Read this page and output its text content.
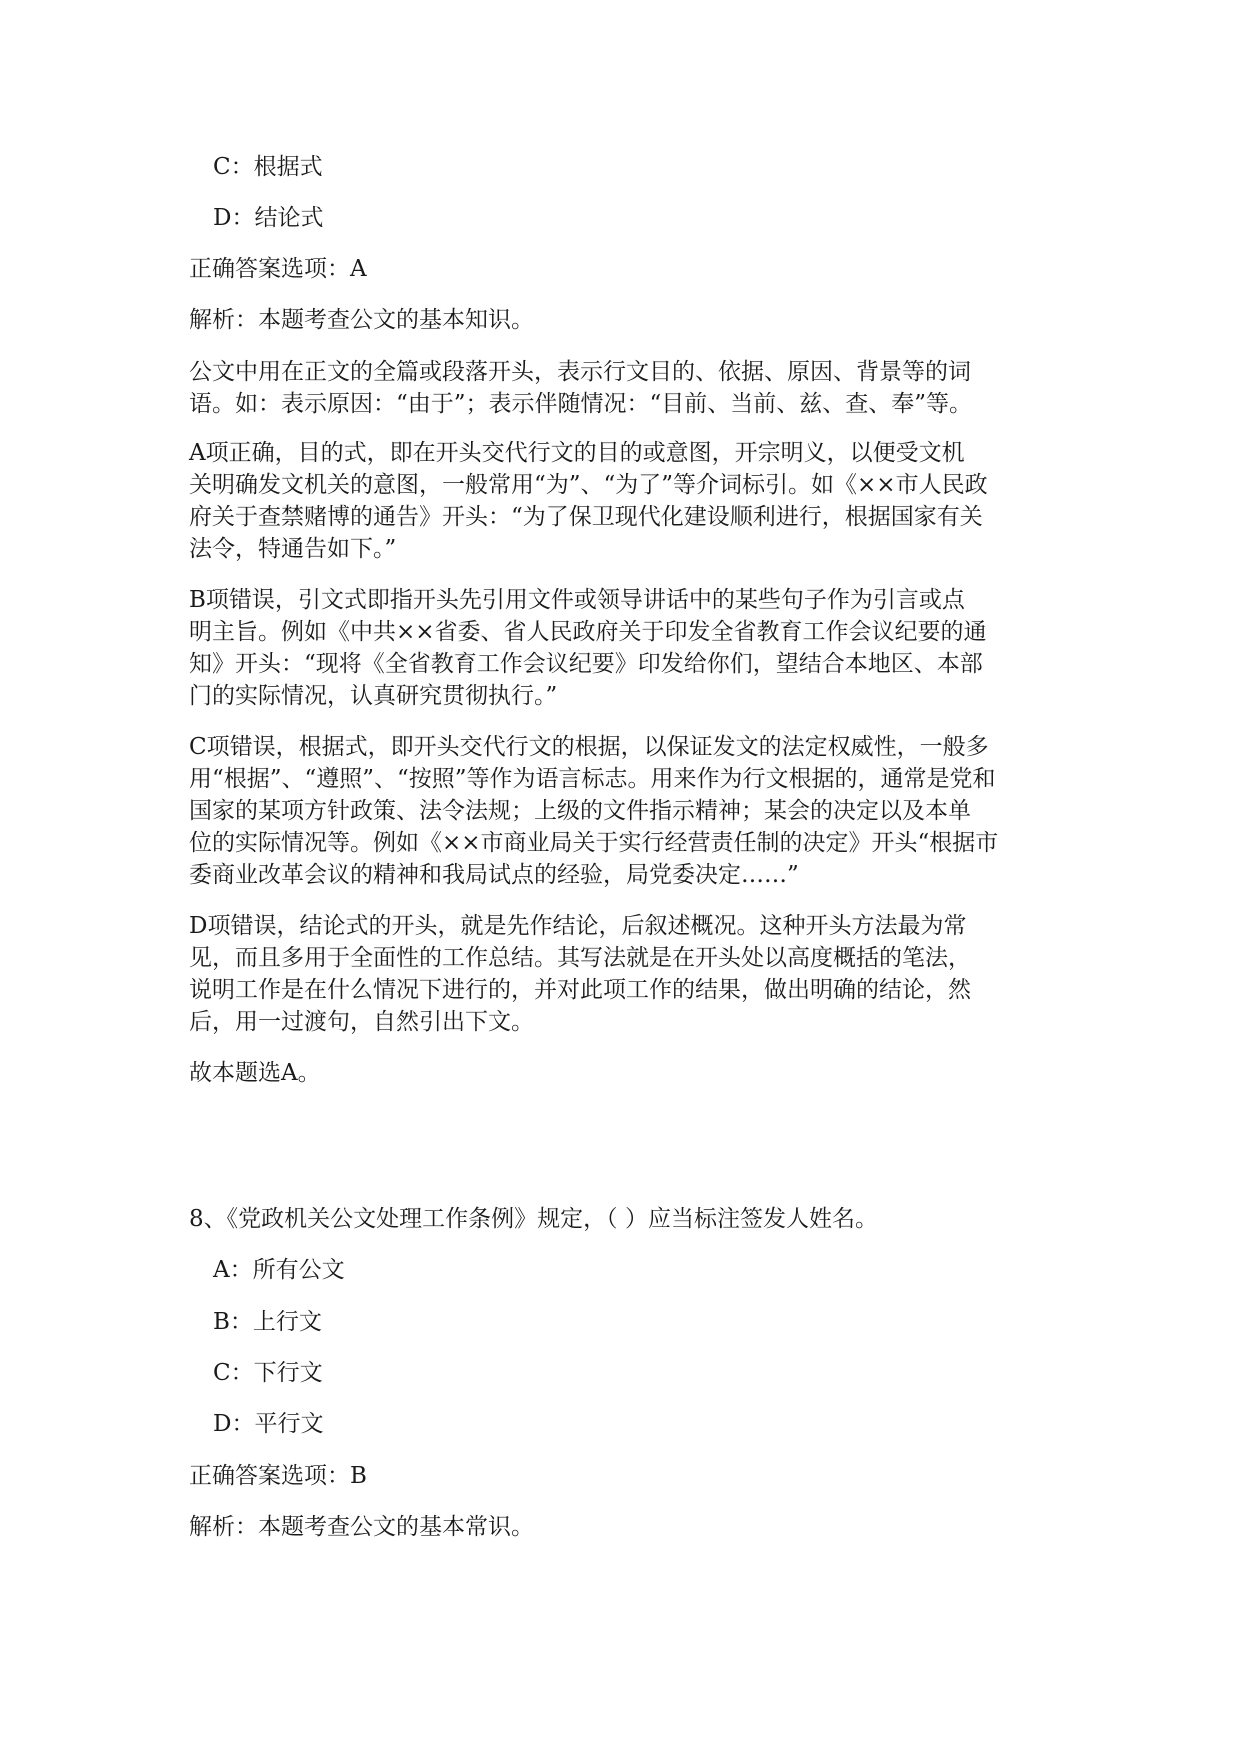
C：根据式

D：结论式

正确答案选项：A

解析：本题考查公文的基本知识。

公文中用在正文的全篇或段落开头，表示行文目的、依据、原因、背景等的词
语。如：表示原因：“由于”；表示伴随情况：“目前、当前、兹、查、奉”等。
A项正确，目的式，即在开头交代行文的目的或意图，开宗明义，以便受文机
关明确发文机关的意图，一般常用“为”、“为了”等介词标引。如《××市人民政
府关于查禁赌博的通告》开头：“为了保卫现代化建设顺利进行，根据国家有关
法令，特通告如下。”
B项错误，引文式即指开头先引用文件或领导讲话中的某些句子作为引言或点
明主旨。例如《中共××省委、省人民政府关于印发全省教育工作会议纪要的通
知》开头：“现将《全省教育工作会议纪要》印发给你们，望结合本地区、本部
门的实际情况，认真研究贯彻执行。”
C项错误，根据式，即开头交代行文的根据，以保证发文的法定权威性，一般多
用“根据”、“遵照”、“按照”等作为语言标志。用来作为行文根据的，通常是党和
国家的某项方针政策、法令法规；上级的文件指示精神；某会的决定以及本单
位的实际情况等。例如《××市商业局关于实行经营责任制的决定》开头“根据市
委商业改革会议的精神和我局试点的经验，局党委决定……”
D项错误，结论式的开头，就是先作结论，后叙述概况。这种开头方法最为常
见，而且多用于全面性的工作总结。其写法就是在开头处以高度概括的笔法，
说明工作是在什么情况下进行的，并对此项工作的结果，做出明确的结论，然
后，用一过渡句，自然引出下文。

故本题选A。

8、《党政机关公文处理工作条例》规定，（ ）应当标注签发人姓名。

A：所有公文

B：上行文

C：下行文

D：平行文

正确答案选项：B

解析：本题考查公文的基本常识。
